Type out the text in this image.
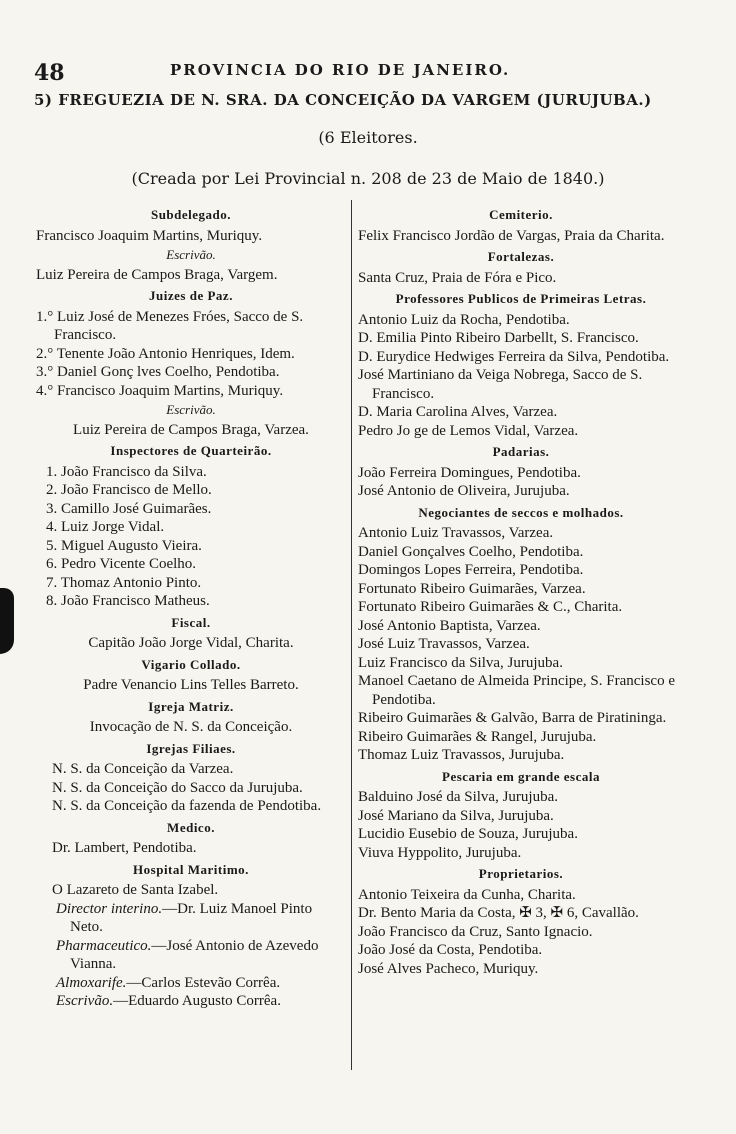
48	PROVINCIA DO RIO DE JANEIRO.
5) FREGUEZIA DE N. SRA. DA CONCEIÇÃO DA VARGEM (JURUJUBA.)
(6 Eleitores.
(Creada por Lei Provincial n. 208 de 23 de Maio de 1840.)
Subdelegado.
Francisco Joaquim Martins, Muriquy.
Escrivão.
Luiz Pereira de Campos Braga, Vargem.
Juizes de Paz.
1.° Luiz José de Menezes Fróes, Sacco de S. Francisco.
2.° Tenente João Antonio Henriques, Idem.
3.° Daniel Gonç lves Coelho, Pendotiba.
4.° Francisco Joaquim Martins, Muriquy.
Escrivão.
Luiz Pereira de Campos Braga, Varzea.
Inspectores de Quarteirão.
1. João Francisco da Silva.
2. João Francisco de Mello.
3. Camillo José Guimarães.
4. Luiz Jorge Vidal.
5. Miguel Augusto Vieira.
6. Pedro Vicente Coelho.
7. Thomaz Antonio Pinto.
8. João Francisco Matheus.
Fiscal.
Capitão João Jorge Vidal, Charita.
Vigario Collado.
Padre Venancio Lins Telles Barreto.
Igreja Matriz.
Invocação de N. S. da Conceição.
Igrejas Filiaes.
N. S. da Conceição da Varzea.
N. S. da Conceição do Sacco da Jurujuba.
N. S. da Conceição da fazenda de Pendotiba.
Medico.
Dr. Lambert, Pendotiba.
Hospital Maritimo.
O Lazareto de Santa Izabel.
Director interino.—Dr. Luiz Manoel Pinto Neto.
Pharmaceutico.—José Antonio de Azevedo Vianna.
Almoxarife.—Carlos Estevão Corrêa.
Escrivão.—Eduardo Augusto Corrêa.
Cemiterio.
Felix Francisco Jordão de Vargas, Praia da Charita.
Fortalezas.
Santa Cruz, Praia de Fóra e Pico.
Professores Publicos de Primeiras Letras.
Antonio Luiz da Rocha, Pendotiba.
D. Emilia Pinto Ribeiro Darbellt, S. Francisco.
D. Eurydice Hedwiges Ferreira da Silva, Pendotiba.
José Martiniano da Veiga Nobrega, Sacco de S. Francisco.
D. Maria Carolina Alves, Varzea.
Pedro Jo ge de Lemos Vidal, Varzea.
Padarias.
João Ferreira Domingues, Pendotiba.
José Antonio de Oliveira, Jurujuba.
Negociantes de seccos e molhados.
Antonio Luiz Travassos, Varzea.
Daniel Gonçalves Coelho, Pendotiba.
Domingos Lopes Ferreira, Pendotiba.
Fortunato Ribeiro Guimarães, Varzea.
Fortunato Ribeiro Guimarães & C., Charita.
José Antonio Baptista, Varzea.
José Luiz Travassos, Varzea.
Luiz Francisco da Silva, Jurujuba.
Manoel Caetano de Almeida Principe, S. Francisco e Pendotiba.
Ribeiro Guimarães & Galvão, Barra de Piratininga.
Ribeiro Guimarães & Rangel, Jurujuba.
Thomaz Luiz Travassos, Jurujuba.
Pescaria em grande escala
Balduino José da Silva, Jurujuba.
José Mariano da Silva, Jurujuba.
Lucidio Eusebio de Souza, Jurujuba.
Viuva Hyppolito, Jurujuba.
Proprietarios.
Antonio Teixeira da Cunha, Charita.
Dr. Bento Maria da Costa, ✠ 3, ✠ 6, Cavallão.
João Francisco da Cruz, Santo Ignacio.
João José da Costa, Pendotiba.
José Alves Pacheco, Muriquy.
